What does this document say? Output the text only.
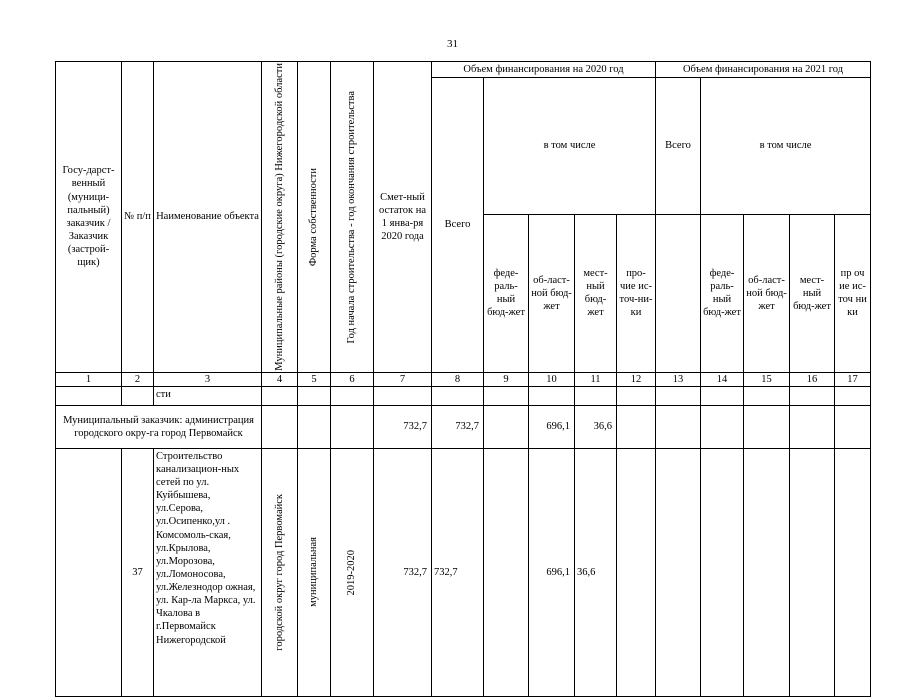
31
Госу-дарст-венный (муници-пальный) заказчик / Заказчик (застрой-щик)	№ п/п	Наименование объекта	Муниципальные районы (городские округа) Нижегородской области	Форма собственности	Год начала строительства - год окончания строительства	Смет-ный остаток на 1 янва-ря 2020 года	Объем финансирования на 2020 год					Объем финансирования на 2021 год				
							Всего	в том числе				Всего	в том числе			
								феде-раль-ный бюд-жет	об-ласт-ной бюд-жет	мест-ный бюд-жет	про-чие ис-точ-ни-ки		феде-раль-ный бюд-жет	об-ласт-ной бюд-жет	мест-ный бюд-жет	пр оч ие ис-точ ни ки
1	2	3	4	5	6	7	8	9	10	11	12	13	14	15	16	17
		сти														
Муниципальный заказчик: администрация городского окру-га город Первомайск						732,7	732,7		696,1	36,6						
	37	Строительство канализацион-ных сетей по ул. Куйбышева, ул.Серова, ул.Осипенко,ул . Комсомоль-ская, ул.Крылова, ул.Морозова, ул.Ломоносова, ул.Железнодор ожная, ул. Кар-ла Маркса, ул. Чкалова в г.Первомайск Нижегородской	городской округ город Первомайск	муниципальная	2019-2020	732,7	732,7		696,1	36,6						
